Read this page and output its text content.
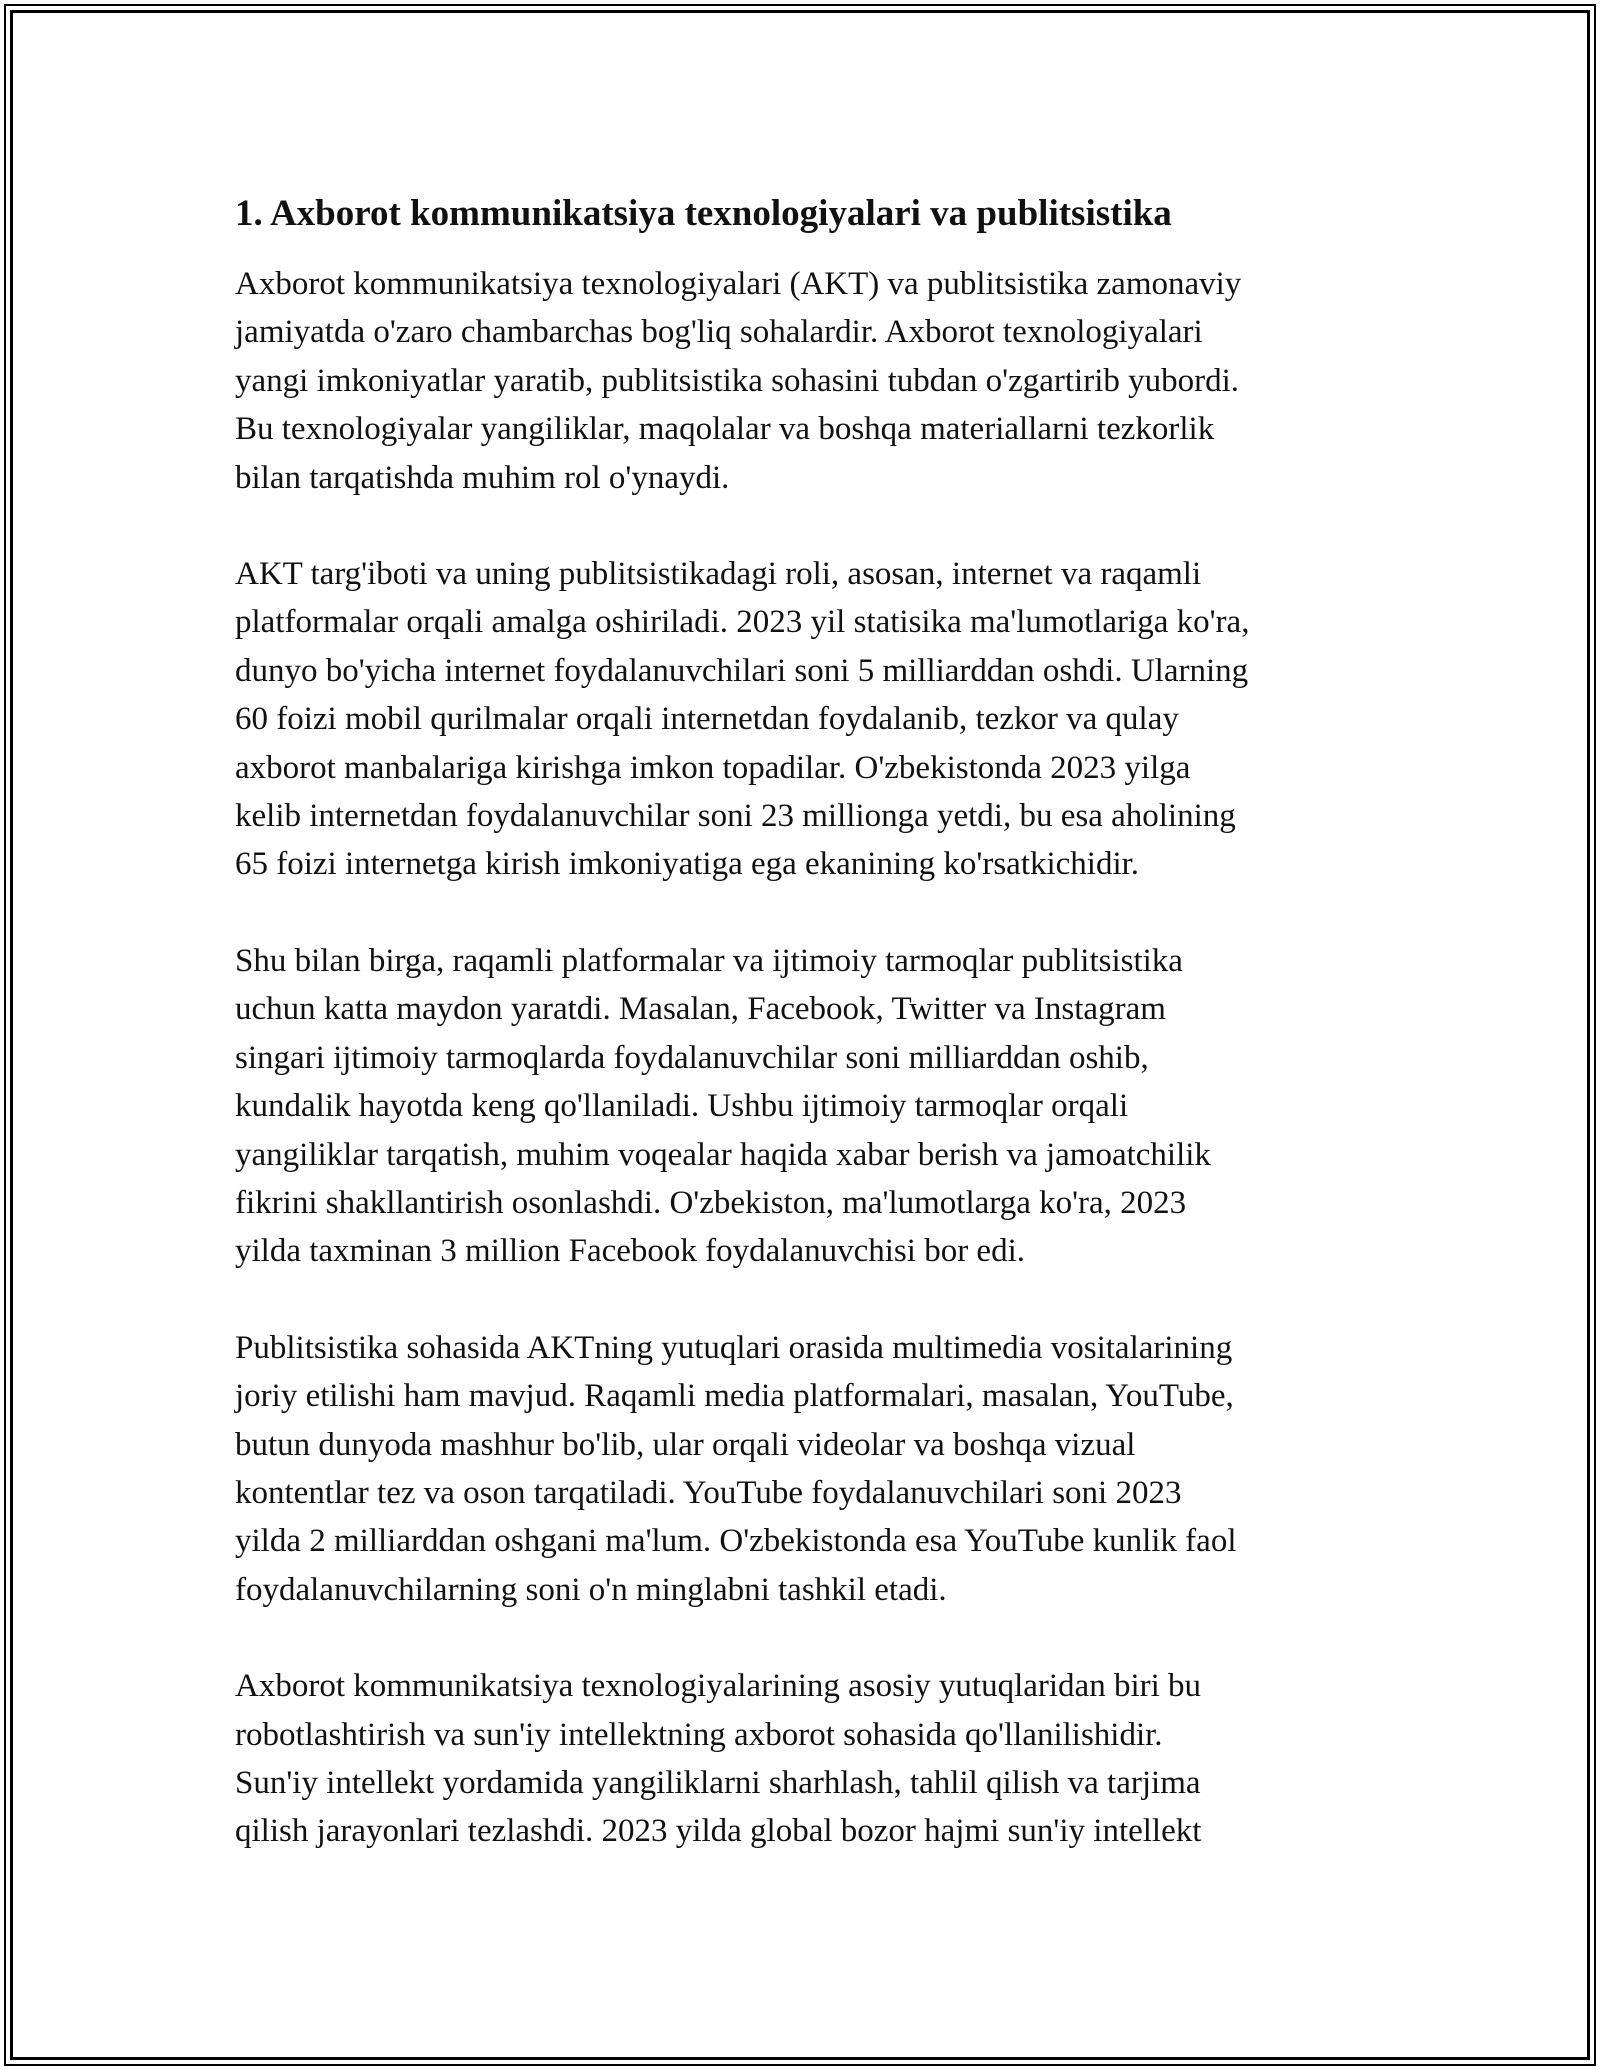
1. Axborot kommunikatsiya texnologiyalari va publitsistika

Axborot kommunikatsiya texnologiyalari (AKT) va publitsistika zamonaviy
jamiyatda o'zaro chambarchas bog'liq sohalardir. Axborot texnologiyalari
yangi imkoniyatlar yaratib, publitsistika sohasini tubdan o'zgartirib yubordi.
Bu texnologiyalar yangiliklar, maqolalar va boshqa materiallarni tezkorlik
bilan tarqatishda muhim rol o'ynaydi.

AKT targ'iboti va uning publitsistikadagi roli, asosan, internet va raqamli
platformalar orqali amalga oshiriladi. 2023 yil statisika ma'lumotlariga ko'ra,
dunyo bo'yicha internet foydalanuvchilari soni 5 milliarddan oshdi. Ularning
60 foizi mobil qurilmalar orqali internetdan foydalanib, tezkor va qulay
axborot manbalariga kirishga imkon topadilar. O'zbekistonda 2023 yilga
kelib internetdan foydalanuvchilar soni 23 millionga yetdi, bu esa aholining
65 foizi internetga kirish imkoniyatiga ega ekanining ko'rsatkichidir.

Shu bilan birga, raqamli platformalar va ijtimoiy tarmoqlar publitsistika
uchun katta maydon yaratdi. Masalan, Facebook, Twitter va Instagram
singari ijtimoiy tarmoqlarda foydalanuvchilar soni milliarddan oshib,
kundalik hayotda keng qo'llaniladi. Ushbu ijtimoiy tarmoqlar orqali
yangiliklar tarqatish, muhim voqealar haqida xabar berish va jamoatchilik
fikrini shakllantirish osonlashdi. O'zbekiston, ma'lumotlarga ko'ra, 2023
yilda taxminan 3 million Facebook foydalanuvchisi bor edi.

Publitsistika sohasida AKTning yutuqlari orasida multimedia vositalarining
joriy etilishi ham mavjud. Raqamli media platformalari, masalan, YouTube,
butun dunyoda mashhur bo'lib, ular orqali videolar va boshqa vizual
kontentlar tez va oson tarqatiladi. YouTube foydalanuvchilari soni 2023
yilda 2 milliarddan oshgani ma'lum. O'zbekistonda esa YouTube kunlik faol
foydalanuvchilarning soni o'n minglabni tashkil etadi.

Axborot kommunikatsiya texnologiyalarining asosiy yutuqlaridan biri bu
robotlashtirish va sun'iy intellektning axborot sohasida qo'llanilishidir.
Sun'iy intellekt yordamida yangiliklarni sharhlash, tahlil qilish va tarjima
qilish jarayonlari tezlashdi. 2023 yilda global bozor hajmi sun'iy intellekt
